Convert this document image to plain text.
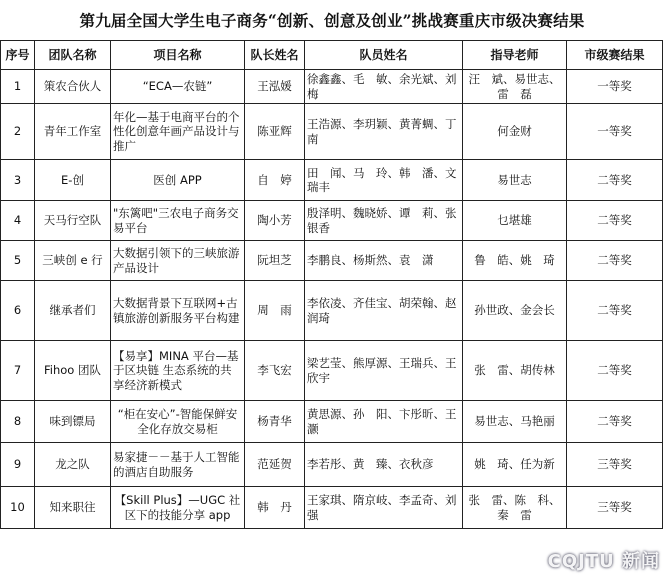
第九届全国大学生电子商务“创新、创意及创业”挑战赛重庆市级决赛结果
序号	团队名称	项目名称	队长姓名	队员姓名	指导老师	市级赛结果
1	策农合伙人	“ECA—农链”	王泓媛	徐鑫鑫、毛　敏、余光斌、刘　梅	汪　斌、易世志、雷　磊	一等奖
2	青年工作室	年化—基于电商平台的个性化创意年画产品设计与推广	陈亚辉	王浩源、李玥颖、黄菁蜩、丁　南	何金财	一等奖
3	E-创	医创 APP	自　婷	田　闻、马　玲、韩　潘、文瑞丰	易世志	二等奖
4	天马行空队	"东篱吧"三农电子商务交易平台	陶小芳	殷泽明、魏晓娇、谭　莉、张银香	乜堪雄	二等奖
5	三峡创 e 行	大数据引领下的三峡旅游产品设计	阮坦芝	李鹏良、杨斯然、袁　潇	鲁　皓、姚　琦	二等奖
6	继承者们	大数据背景下互联网+古镇旅游创新服务平台构建	周　雨	李依凌、齐佳宝、胡荣翰、赵润琦	孙世政、金会长	二等奖
7	Fihoo 团队	【易享】MINA 平台—基于区块链 生态系统的共享经济新模式	李飞宏	梁艺莹、熊厚源、王瑞兵、王欣宇	张　雷、胡传林	二等奖
8	味到镖局	“柜在安心”-智能保鲜安全化存放交易柜	杨青华	黄思源、孙　阳、卞彤昕、王　灏	易世志、马艳丽	二等奖
9	龙之队	易家捷－－基于人工智能的酒店自助服务	范延贺	李若彤、黄　臻、衣秋彦	姚　琦、任为新	三等奖
10	知来职往	【Skill Plus】—UGC 社区下的技能分享 app	韩　丹	王家琪、隋京岐、李孟奇、刘　强	张　雷、陈　科、秦　雷	三等奖
CQJTU 新闻
